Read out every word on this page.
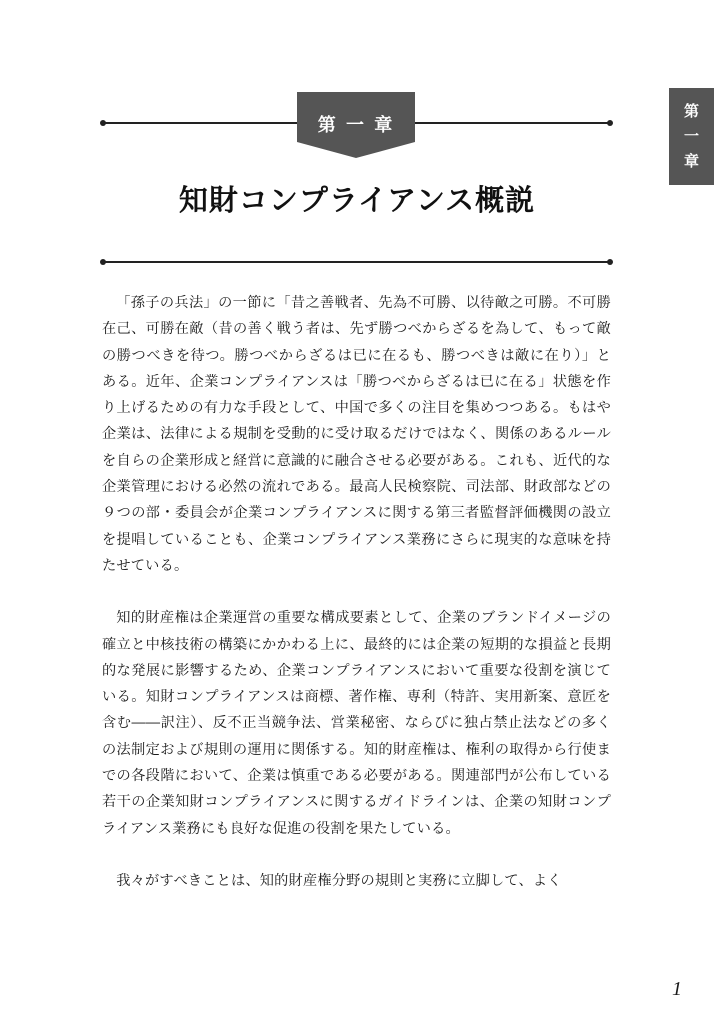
第
一
章
第 一 章
知財コンプライアンス概説

「孫子の兵法」の一節に「昔之善戦者、先為不可勝、以待敵之可勝。不可勝在己、可勝在敵（昔の善く戦う者は、先ず勝つべからざるを為して、もって敵の勝つべきを待つ。勝つべからざるは已に在るも、勝つべきは敵に在り）」とある。近年、企業コンプライアンスは「勝つべからざるは已に在る」状態を作り上げるための有力な手段として、中国で多くの注目を集めつつある。もはや企業は、法律による規制を受動的に受け取るだけではなく、関係のあるルールを自らの企業形成と経営に意識的に融合させる必要がある。これも、近代的な企業管理における必然の流れである。最高人民検察院、司法部、財政部などの９つの部・委員会が企業コンプライアンスに関する第三者監督評価機関の設立を提唱していることも、企業コンプライアンス業務にさらに現実的な意味を持たせている。

知的財産権は企業運営の重要な構成要素として、企業のブランドイメージの確立と中核技術の構築にかかわる上に、最終的には企業の短期的な損益と長期的な発展に影響するため、企業コンプライアンスにおいて重要な役割を演じている。知財コンプライアンスは商標、著作権、専利（特許、実用新案、意匠を含む――訳注）、反不正当競争法、営業秘密、ならびに独占禁止法などの多くの法制定および規則の運用に関係する。知的財産権は、権利の取得から行使までの各段階において、企業は慎重である必要がある。関連部門が公布している若干の企業知財コンプライアンスに関するガイドラインは、企業の知財コンプライアンス業務にも良好な促進の役割を果たしている。

我々がすべきことは、知的財産権分野の規則と実務に立脚して、よく

1
